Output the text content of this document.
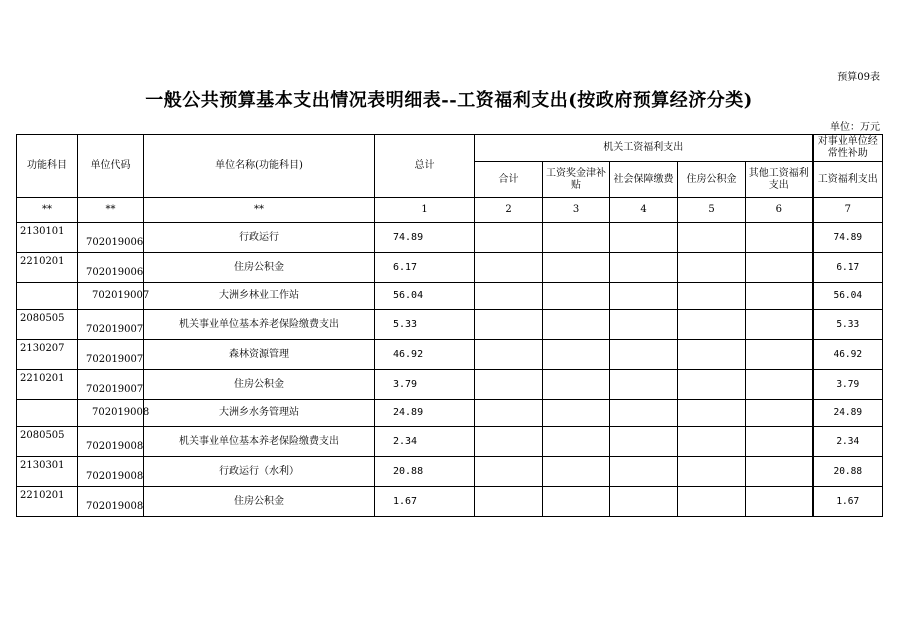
预算09表
一般公共预算基本支出情况表明细表--工资福利支出(按政府预算经济分类)
单位：万元
功能科目	单位代码	单位名称(功能科目)	总计	机关工资福利支出					对事业单位经常性补助
				合计	工资奖金津补贴	社会保障缴费	住房公积金	其他工资福利支出	工资福利支出
**	**	**	1	2	3	4	5	6	7

2130101	702019006	行政运行	74.89						74.89

2210201	702019006	住房公积金	6.17						6.17

	702019007	大洲乡林业工作站	56.04						56.04

2080505	702019007	机关事业单位基本养老保险缴费支出	5.33						5.33

2130207	702019007	森林资源管理	46.92						46.92

2210201	702019007	住房公积金	3.79						3.79

	702019008	大洲乡水务管理站	24.89						24.89

2080505	702019008	机关事业单位基本养老保险缴费支出	2.34						2.34

2130301	702019008	行政运行（水利）	20.88						20.88

2210201	702019008	住房公积金	1.67						1.67
